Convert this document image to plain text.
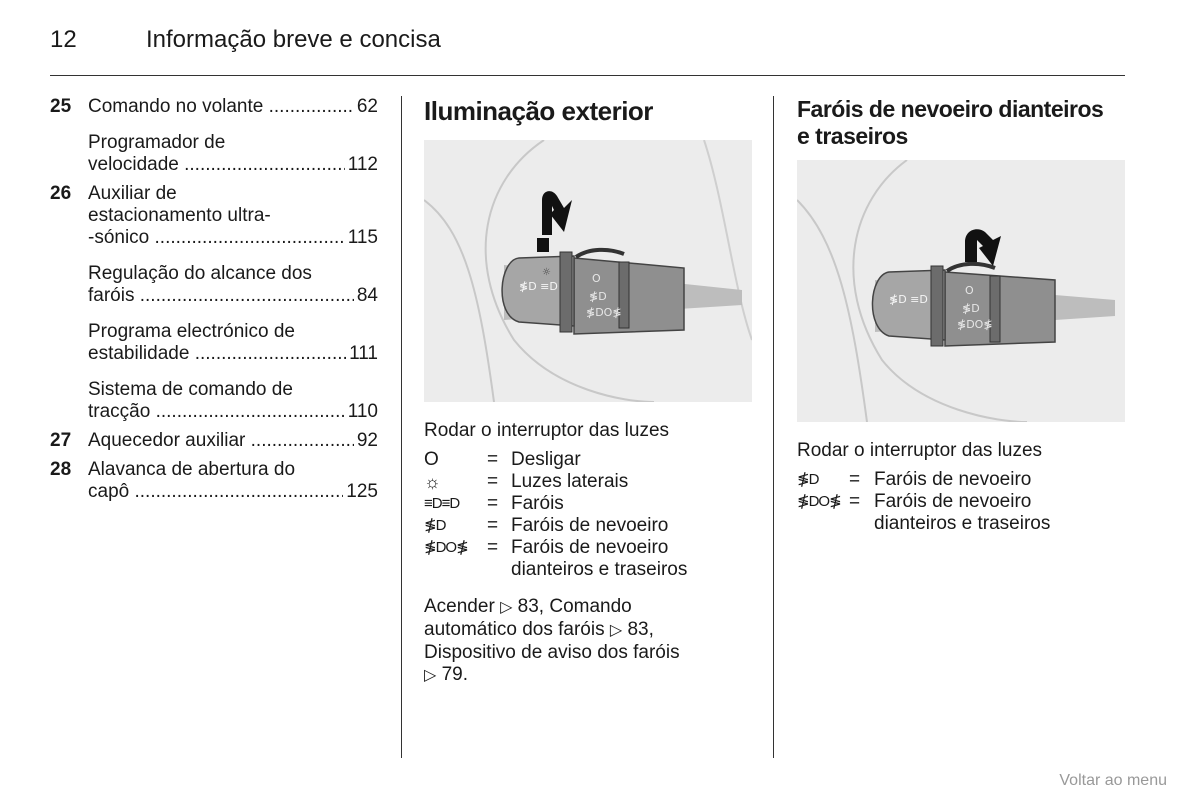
12	Informação breve e concisa
25 Comando no volante	62
.....
Programador de
velocidade	112
.....
26 Auxiliar de
estacionamento ultra-
-sónico	115
.....
Regulação do alcance dos
faróis	84
.....
Programa electrónico de
estabilidade	111
.....
Sistema de comando de
tracção	110
.....
27 Aquecedor auxiliar	92
.....
28 Alavanca de abertura do
capô	125
.....
Iluminação exterior
≸D ≡D
O
≸D
≸DO≸
☼
Rodar o interruptor das luzes
O	= Desligar
☼	= Luzes laterais
≡D≡D = Faróis
≸D = Faróis de nevoeiro
≸DO≸ = Faróis de nevoeiro
dianteiros e traseiros
Acender ▷ 83, Comando
automático dos faróis ▷ 83,
Dispositivo de aviso dos faróis
▷ 79.
Faróis de nevoeiro dianteiros
e traseiros
≸D ≡D
O
≸D
≸DO≸
Rodar o interruptor das luzes
≸D = Faróis de nevoeiro
≸DO≸ = Faróis de nevoeiro
dianteiros e traseiros
Voltar ao menu
